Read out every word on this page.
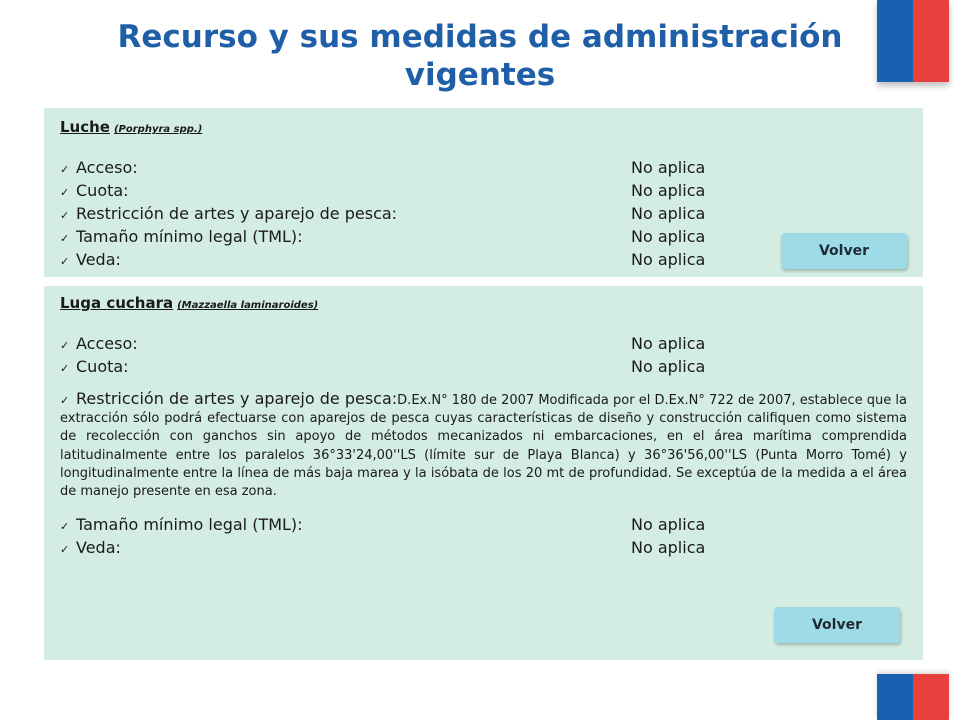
Recurso y sus medidas de administración
vigentes
Luche (Porphyra spp.)
✓ Acceso:	No aplica
✓ Cuota:	No aplica
✓ Restricción de artes y aparejo de pesca:	No aplica
✓ Tamaño mínimo legal (TML):	No aplica
✓ Veda:	No aplica	Volver
Luga cuchara (Mazzaella laminaroides)
✓ Acceso:	No aplica
✓ Cuota:	No aplica

✓ Restricción de artes y aparejo de pesca:D.Ex.N° 180 de 2007 Modificada por el D.Ex.N° 722 de 2007, establece que la extracción sólo podrá efectuarse con aparejos de pesca cuyas características de diseño y construcción califiquen como sistema de recolección con ganchos sin apoyo de métodos mecanizados ni embarcaciones, en el área marítima comprendida latitudinalmente entre los paralelos 36°33'24,00''LS (límite sur de Playa Blanca) y 36°36'56,00''LS (Punta Morro Tomé) y longitudinalmente entre la línea de más baja marea y la isóbata de los 20 mt de profundidad. Se exceptúa de la medida a el área de manejo presente en esa zona.

✓ Tamaño mínimo legal (TML):	No aplica
✓ Veda:	No aplica
Volver
